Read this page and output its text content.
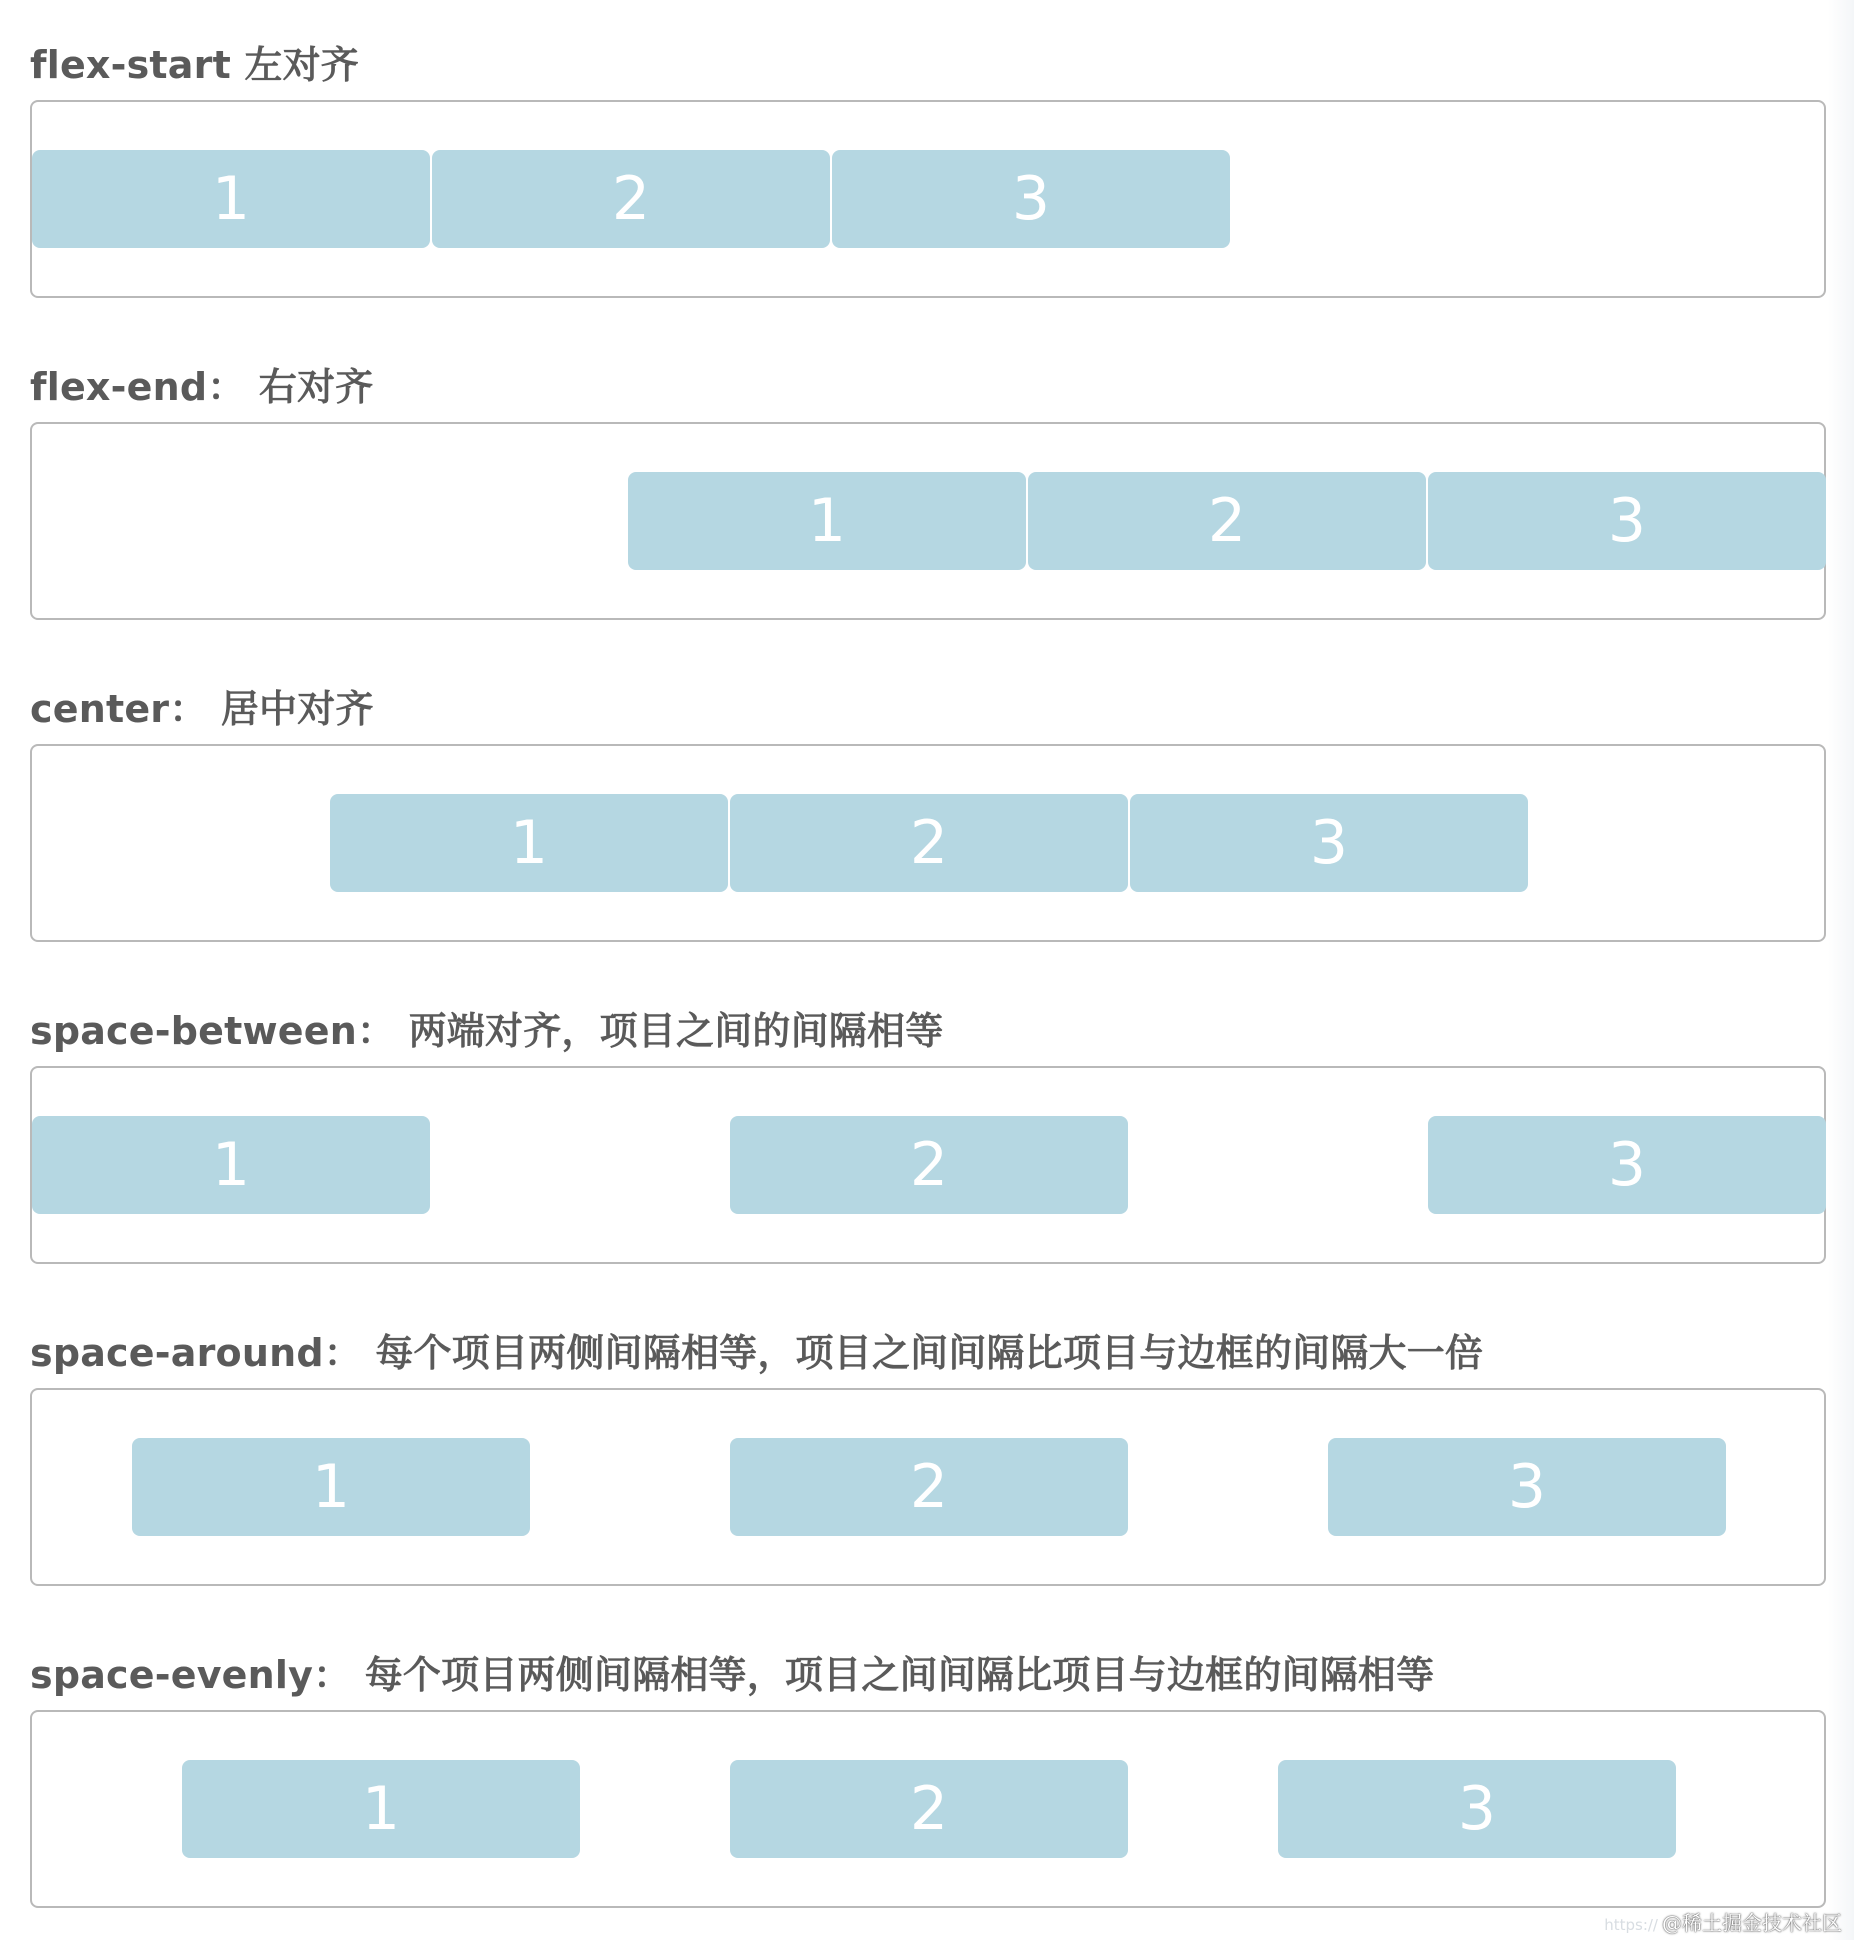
flex-start 左对齐
1	2	3
flex-end： 右对齐
1	2	3
center： 居中对齐
1	2	3
space-between： 两端对齐，项目之间的间隔相等
1	2	3
space-around： 每个项目两侧间隔相等，项目之间间隔比项目与边框的间隔大一倍
1	2	3
space-evenly： 每个项目两侧间隔相等，项目之间间隔比项目与边框的间隔相等
1	2	3
https:// @稀土掘金技术社区
